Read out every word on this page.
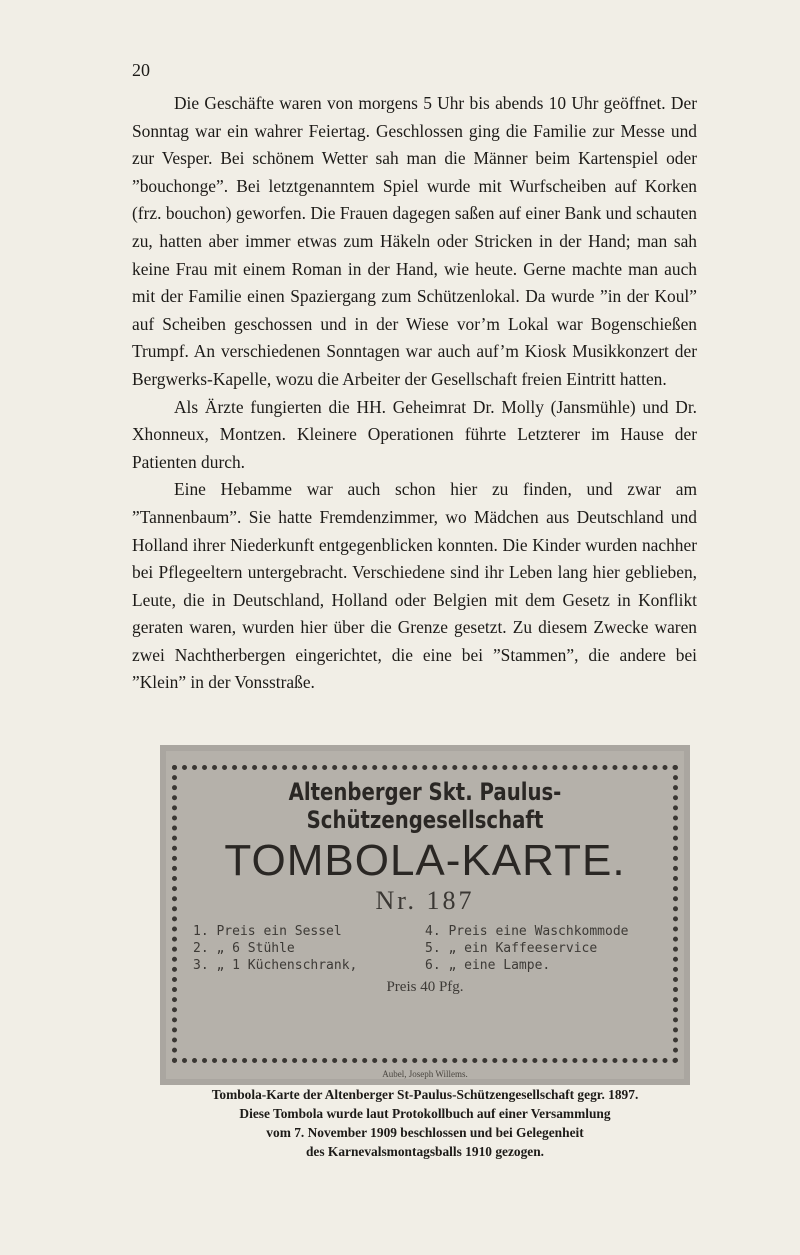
20

Die Geschäfte waren von morgens 5 Uhr bis abends 10 Uhr geöffnet. Der Sonntag war ein wahrer Feiertag. Geschlossen ging die Familie zur Messe und zur Vesper. Bei schönem Wetter sah man die Männer beim Kartenspiel oder ”bouchonge”. Bei letztgenanntem Spiel wurde mit Wurfscheiben auf Korken (frz. bouchon) geworfen. Die Frauen dagegen saßen auf einer Bank und schauten zu, hatten aber immer etwas zum Häkeln oder Stricken in der Hand; man sah keine Frau mit einem Roman in der Hand, wie heute. Gerne machte man auch mit der Familie einen Spaziergang zum Schützenlokal. Da wurde ”in der Koul” auf Scheiben geschossen und in der Wiese vor’m Lokal war Bogenschießen Trumpf. An verschiedenen Sonntagen war auch auf’m Kiosk Musikkonzert der Bergwerks-Kapelle, wozu die Arbeiter der Gesellschaft freien Eintritt hatten.

Als Ärzte fungierten die HH. Geheimrat Dr. Molly (Jansmühle) und Dr. Xhonneux, Montzen. Kleinere Operationen führte Letzterer im Hause der Patienten durch.

Eine Hebamme war auch schon hier zu finden, und zwar am ”Tannenbaum”. Sie hatte Fremdenzimmer, wo Mädchen aus Deutschland und Holland ihrer Niederkunft entgegenblicken konnten. Die Kinder wurden nachher bei Pflegeeltern untergebracht. Verschiedene sind ihr Leben lang hier geblieben, Leute, die in Deutschland, Holland oder Belgien mit dem Gesetz in Konflikt geraten waren, wurden hier über die Grenze gesetzt. Zu diesem Zwecke waren zwei Nachtherbergen eingerichtet, die eine bei ”Stammen”, die andere bei ”Klein” in der Vonsstraße.

Altenberger Skt. Paulus-Schützengesellschaft
TOMBOLA-KARTE.
Nr. 187
1. Preis ein Sessel	4. Preis eine Waschkommode
2. „ 6 Stühle	5. „ ein Kaffeeservice
3. „ 1 Küchenschrank,	6. „ eine Lampe.
Preis 40 Pfg.
Aubel, Joseph Willems.
Tombola-Karte der Altenberger St-Paulus-Schützengesellschaft gegr. 1897.
Diese Tombola wurde laut Protokollbuch auf einer Versammlung
vom 7. November 1909 beschlossen und bei Gelegenheit
des Karnevalsmontagsballs 1910 gezogen.
